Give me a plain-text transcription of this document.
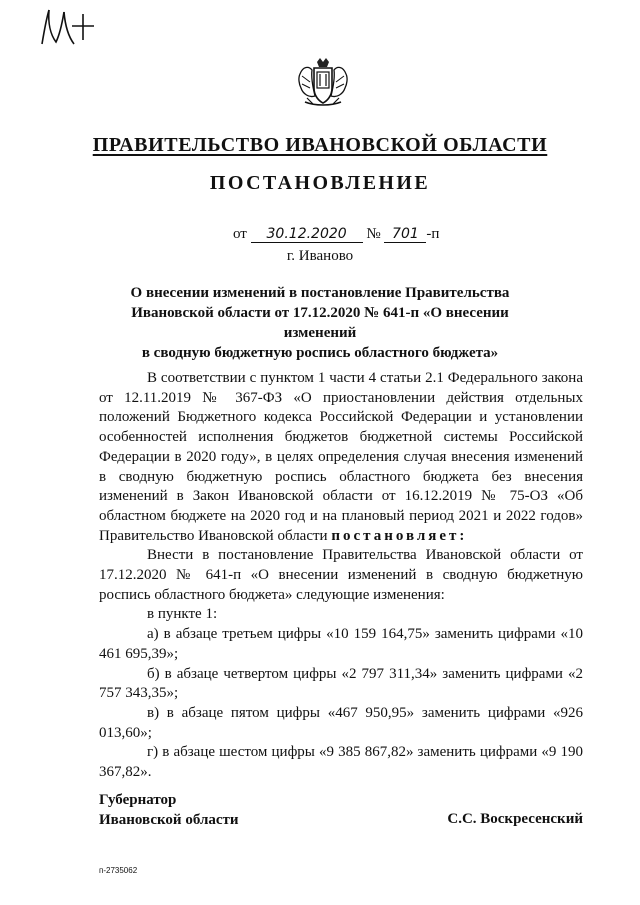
ПРАВИТЕЛЬСТВО ИВАНОВСКОЙ ОБЛАСТИ
ПОСТАНОВЛЕНИЕ
от 30.12.2020 № 701 -п
г. Иваново
О внесении изменений в постановление Правительства
Ивановской области от 17.12.2020 № 641-п «О внесении изменений
в сводную бюджетную роспись областного бюджета»

В соответствии с пунктом 1 части 4 статьи 2.1 Федерального закона от 12.11.2019 № 367-ФЗ «О приостановлении действия отдельных положений Бюджетного кодекса Российской Федерации и установлении особенностей исполнения бюджетов бюджетной системы Российской Федерации в 2020 году», в целях определения случая внесения изменений в сводную бюджетную роспись областного бюджета без внесения изменений в Закон Ивановской области от 16.12.2019 № 75-ОЗ «Об областном бюджете на 2020 год и на плановый период 2021 и 2022 годов» Правительство Ивановской области постановляет:

Внести в постановление Правительства Ивановской области от 17.12.2020 № 641-п «О внесении изменений в сводную бюджетную роспись областного бюджета» следующие изменения:

в пункте 1:

а) в абзаце третьем цифры «10 159 164,75» заменить цифрами «10 461 695,39»;

б) в абзаце четвертом цифры «2 797 311,34» заменить цифрами «2 757 343,35»;

в) в абзаце пятом цифры «467 950,95» заменить цифрами «926 013,60»;

г) в абзаце шестом цифры «9 385 867,82» заменить цифрами «9 190 367,82».

Губернатор
Ивановской области	С.С. Воскресенский
п-2735062
